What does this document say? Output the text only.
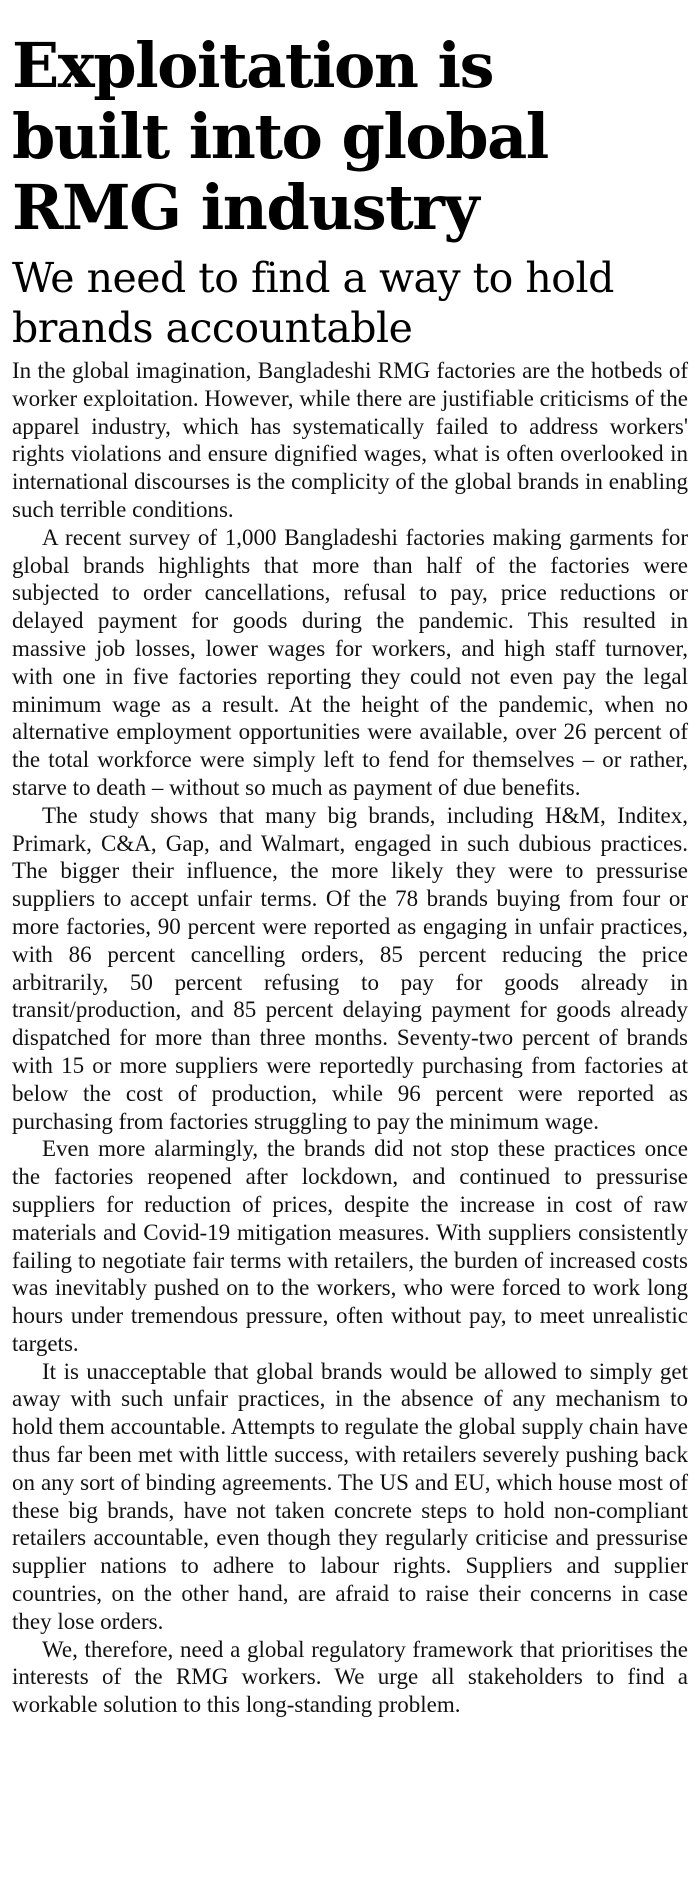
Exploitation is
built into global
RMG industry
We need to find a way to hold
brands accountable

In the global imagination, Bangladeshi RMG factories are the hotbeds of worker exploitation. However, while there are justifiable criticisms of the apparel industry, which has systematically failed to address workers' rights violations and ensure dignified wages, what is often overlooked in international discourses is the complicity of the global brands in enabling such terrible conditions.

A recent survey of 1,000 Bangladeshi factories making garments for global brands highlights that more than half of the factories were subjected to order cancellations, refusal to pay, price reductions or delayed payment for goods during the pandemic. This resulted in massive job losses, lower wages for workers, and high staff turnover, with one in five factories reporting they could not even pay the legal minimum wage as a result. At the height of the pandemic, when no alternative employment opportunities were available, over 26 percent of the total workforce were simply left to fend for themselves – or rather, starve to death – without so much as payment of due benefits.

The study shows that many big brands, including H&M, Inditex, Primark, C&A, Gap, and Walmart, engaged in such dubious practices. The bigger their influence, the more likely they were to pressurise suppliers to accept unfair terms. Of the 78 brands buying from four or more factories, 90 percent were reported as engaging in unfair practices, with 86 percent cancelling orders, 85 percent reducing the price arbitrarily, 50 percent refusing to pay for goods already in transit/production, and 85 percent delaying payment for goods already dispatched for more than three months. Seventy-two percent of brands with 15 or more suppliers were reportedly purchasing from factories at below the cost of production, while 96 percent were reported as purchasing from factories struggling to pay the minimum wage.

Even more alarmingly, the brands did not stop these practices once the factories reopened after lockdown, and continued to pressurise suppliers for reduction of prices, despite the increase in cost of raw materials and Covid-19 mitigation measures. With suppliers consistently failing to negotiate fair terms with retailers, the burden of increased costs was inevitably pushed on to the workers, who were forced to work long hours under tremendous pressure, often without pay, to meet unrealistic targets.

It is unacceptable that global brands would be allowed to simply get away with such unfair practices, in the absence of any mechanism to hold them accountable. Attempts to regulate the global supply chain have thus far been met with little success, with retailers severely pushing back on any sort of binding agreements. The US and EU, which house most of these big brands, have not taken concrete steps to hold non-compliant retailers accountable, even though they regularly criticise and pressurise supplier nations to adhere to labour rights. Suppliers and supplier countries, on the other hand, are afraid to raise their concerns in case they lose orders.

We, therefore, need a global regulatory framework that prioritises the interests of the RMG workers. We urge all stakeholders to find a workable solution to this long-standing problem.
